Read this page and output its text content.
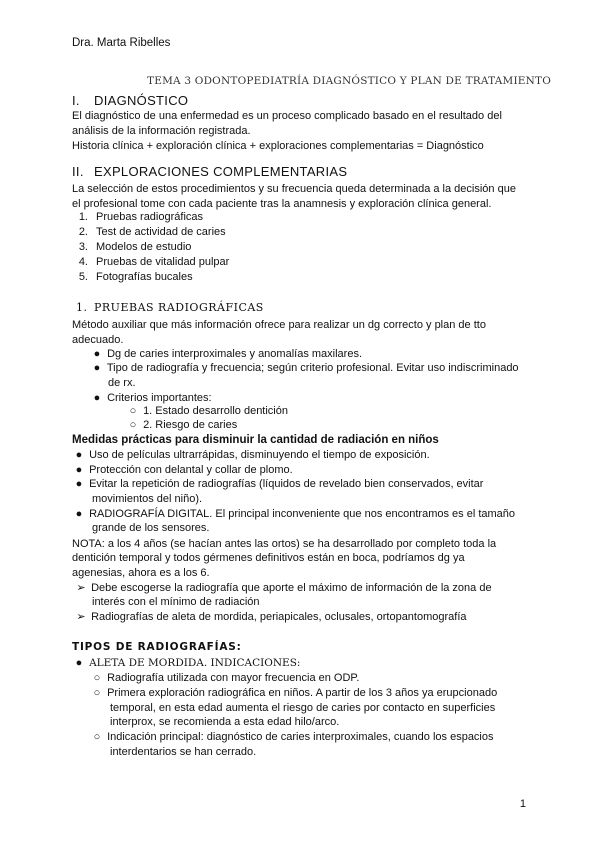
Dra. Marta Ribelles
TEMA 3 ODONTOPEDIATRÍA DIAGNÓSTICO Y PLAN DE TRATAMIENTO
I. DIAGNÓSTICO
El diagnóstico de una enfermedad es un proceso complicado basado en el resultado del
análisis de la información registrada.
Historia clínica + exploración clínica + exploraciones complementarias = Diagnóstico
II. EXPLORACIONES COMPLEMENTARIAS
La selección de estos procedimientos y su frecuencia queda determinada a la decisión que
el profesional tome con cada paciente tras la anamnesis y exploración clínica general.
1. Pruebas radiográficas
2. Test de actividad de caries
3. Modelos de estudio
4. Pruebas de vitalidad pulpar
5. Fotografías bucales
1. PRUEBAS RADIOGRÁFICAS
Método auxiliar que más información ofrece para realizar un dg correcto y plan de tto
adecuado.
● Dg de caries interproximales y anomalías maxilares.
● Tipo de radiografía y frecuencia; según criterio profesional. Evitar uso indiscriminado
de rx.
● Criterios importantes:
○ 1. Estado desarrollo dentición
○ 2. Riesgo de caries
Medidas prácticas para disminuir la cantidad de radiación en niños
● Uso de películas ultrarrápidas, disminuyendo el tiempo de exposición.
● Protección con delantal y collar de plomo.
● Evitar la repetición de radiografías (líquidos de revelado bien conservados, evitar
movimientos del niño).
● RADIOGRAFÍA DIGITAL. El principal inconveniente que nos encontramos es el tamaño
grande de los sensores.
NOTA: a los 4 años (se hacían antes las ortos) se ha desarrollado por completo toda la
dentición temporal y todos gérmenes definitivos están en boca, podríamos dg ya
agenesias, ahora es a los 6.
➢ Debe escogerse la radiografía que aporte el máximo de información de la zona de
interés con el mínimo de radiación
➢ Radiografías de aleta de mordida, periapicales, oclusales, ortopantomografía
TIPOS DE RADIOGRAFÍAS:
● ALETA DE MORDIDA. INDICACIONES:
○ Radiografía utilizada con mayor frecuencia en ODP.
○ Primera exploración radiográfica en niños. A partir de los 3 años ya erupcionado
temporal, en esta edad aumenta el riesgo de caries por contacto en superficies
interprox, se recomienda a esta edad hilo/arco.
○ Indicación principal: diagnóstico de caries interproximales, cuando los espacios
interdentarios se han cerrado.
1
